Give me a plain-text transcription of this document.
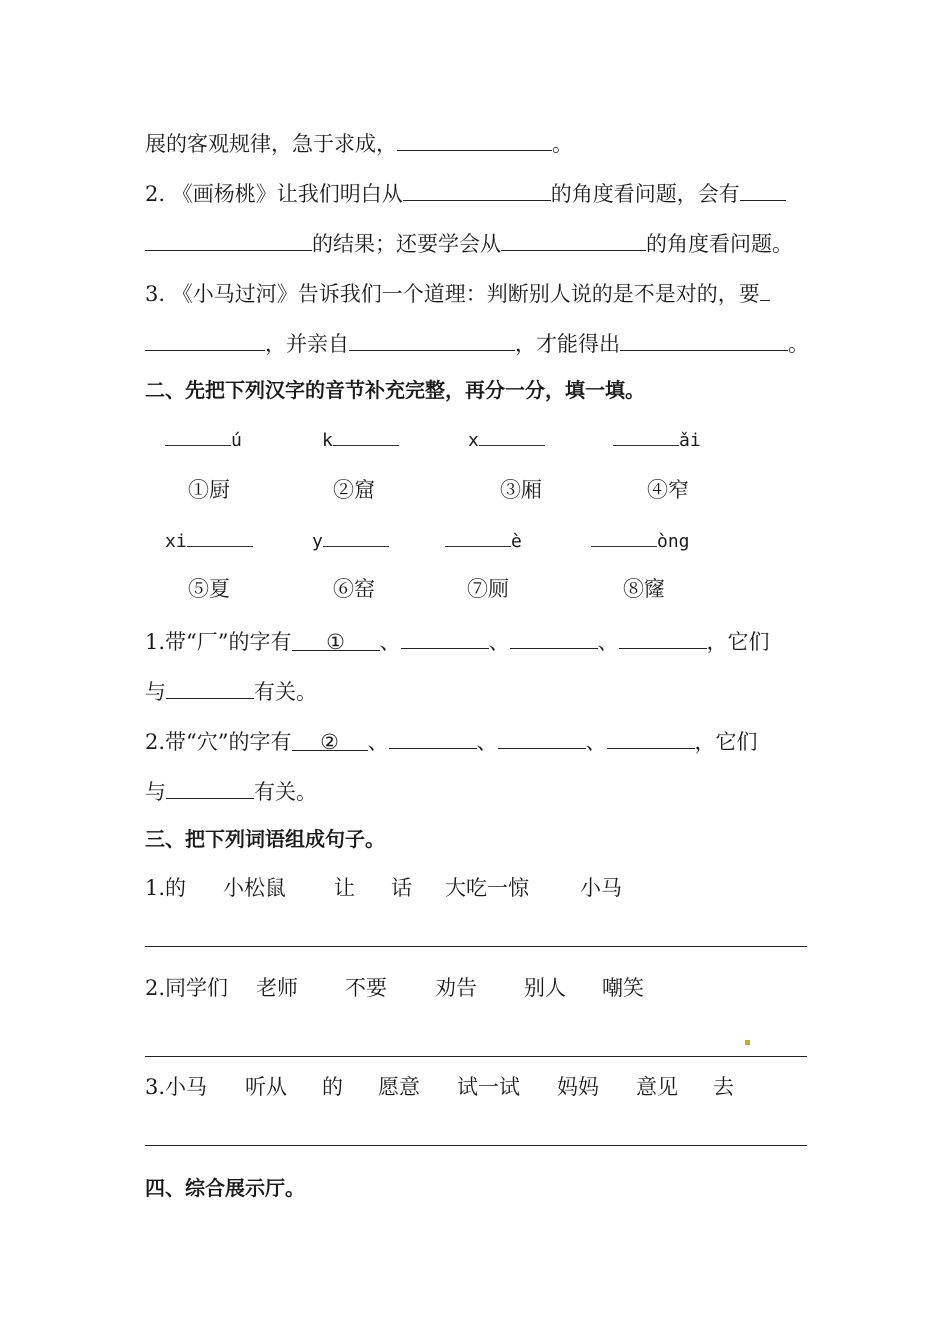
展的客观规律，急于求成，	。
2. 《画杨桃》让我们明白从	的角度看问题，会有
的结果；还要学会从	的角度看问题。
3. 《小马过河》告诉我们一个道理：判断别人说的是不是对的，要
，并亲自	，才能得出	。
二、先把下列汉字的音节补充完整，再分一分，填一填。
ú	k	x	ǎi
①厨	②窟	③厢	④窄
xi	y	è	òng
⑤夏	⑥窑	⑦厕	⑧窿
1.带“厂”的字有 ① 、	、	、	，它们
与	有关。
2.带“穴”的字有 ② 、	、	、	，它们
与	有关。
三、把下列词语组成句子。
1.的 小松鼠 让 话 大吃一惊 小马
2.同学们 老师 不要 劝告 别人 嘲笑
3.小马 听从 的 愿意 试一试 妈妈 意见 去
四、综合展示厅。
